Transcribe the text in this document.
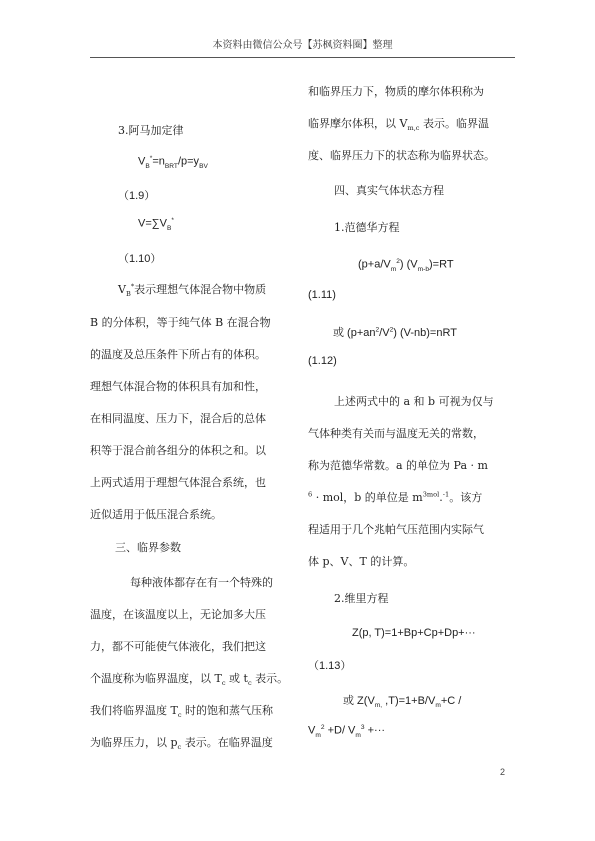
本资料由微信公众号【苏枫资料圈】整理
3.阿马加定律
$V_B^*=n_{BRT}/p=y_{BV}$
（1.9）
$V=\sum V_B^*$
（1.10）
$V_B^*$表示理想气体混合物中物质
B 的分体积，等于纯气体 B 在混合物
的温度及总压条件下所占有的体积。
理想气体混合物的体积具有加和性，
在相同温度、压力下，混合后的总体
积等于混合前各组分的体积之和。以
上两式适用于理想气体混合系统，也
近似适用于低压混合系统。
三、临界参数
每种液体都存在有一个特殊的
温度，在该温度以上，无论加多大压
力，都不可能使气体液化，我们把这
个温度称为临界温度，以 $T_c$ 或 $t_c$ 表示。
我们将临界温度 $T_c$ 时的饱和蒸气压称
为临界压力，以 $p_c$ 表示。在临界温度
和临界压力下，物质的摩尔体积称为
临界摩尔体积，以 $V_{m,c}$ 表示。临界温
度、临界压力下的状态称为临界状态。
四、真实气体状态方程
1.范德华方程
$(p+a/V_m^2)$ $(V_{m-b})=RT$
(1.11)
或 $(p+an^2/V^2)$ (V-nb)=nRT
(1.12)
上述两式中的 a 和 b 可视为仅与
气体种类有关而与温度无关的常数，
称为范德华常数。a 的单位为 Pa · m
$^6$ · mol，b 的单位是 $m^{3mol}.^{-1}$。该方
程适用于几个兆帕气压范围内实际气
体 p、V、T 的计算。
2.维里方程
Z(p, T)=1+Bp+Cp+Dp+···
（1.13）
或 $Z(V_{m,}$ $,T)=1+B/V_m+C$ /
$V_m^2 +D/$ $V_m^3$ +···
2
